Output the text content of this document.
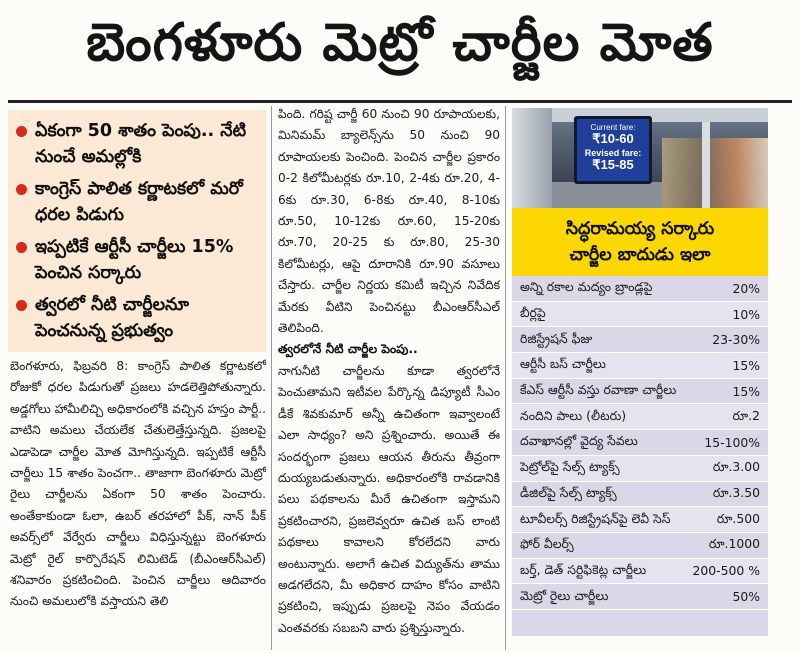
బెంగళూరు మెట్రో చార్జీల మోత
ఏకంగా 50 శాతం పెంపు.. నేటి నుంచే అమల్లోకి
కాంగ్రెస్ పాలిత కర్ణాటకలో మరో ధరల పిడుగు
ఇప్పటికే ఆర్టీసీ చార్జీలు 15% పెంచిన సర్కారు
త్వరలో నీటి చార్జీలనూ పెంచనున్న ప్రభుత్వం

బెంగళూరు, ఫిబ్రవరి 8: కాంగ్రెస్ పాలిత కర్ణాటకలో రోజుకో ధరల పిడుగుతో ప్రజలు హడలెత్తిపోతున్నారు. అడ్డగోలు హామీలిచ్చి అధికారంలోకి వచ్చిన హస్తం పార్టీ.. వాటిని అమలు చేయలేక చేతులెత్తేస్తున్నది. ప్రజలపై ఎడాపెడా చార్జీల మోత మోగిస్తున్నది. ఇప్పటికే ఆర్టీసీ చార్జీలు 15 శాతం పెంచగా.. తాజాగా బెంగళూరు మెట్రో రైలు చార్జీలను ఏకంగా 50 శాతం పెంచారు. అంతేకాకుండా ఓలా, ఉబర్ తరహాలో పీక్, నాన్ పీక్ అవర్స్‌లో వేర్వేరు చార్జీలు విధిస్తున్నట్టు బెంగళూరు మెట్రో రైల్ కార్పొరేషన్ లిమిటెడ్ (బీఎంఆర్‌సీఎల్) శనివారం ప్రకటించింది. పెంచిన చార్జీలు ఆదివారం నుంచి అమలులోకి వస్తాయని తెలి

పింది. గరిష్ట చార్జీ 60 నుంచి 90 రూపాయలకు, మినిమమ్ బ్యాలెన్స్‌ను 50 నుంచి 90 రూపాయలకు పెంచింది. పెంచిన చార్జీల ప్రకారం 0-2 కిలోమీటర్లకు రూ.10, 2-4కు రూ.20, 4-6కు రూ.30, 6-8కు రూ.40, 8-10కు రూ.50, 10-12కు రూ.60, 15-20కు రూ.70, 20-25 కు రూ.80, 25-30 కిలోమీటర్లు, ఆపై దూరానికి రూ.90 వసూలు చేస్తారు. చార్జీల నిర్ణయ కమిటీ ఇచ్చిన నివేదిక మేరకు వీటిని పెంచినట్టు బీఎంఆర్‌సీఎల్ తెలిపింది.

త్వరలోనే నీటి చార్జీల పెంపు..

నాగునీటి చార్జీలను కూడా త్వరలోనే పెంచుతామని ఇటీవల పేర్కొన్న డిప్యూటీ సీఎం డీకే శివకుమార్ అన్నీ ఉచితంగా ఇవ్వాలంటే ఎలా సాధ్యం? అని ప్రశ్నించారు. అయితే ఈ సందర్భంగా ప్రజలు ఆయన తీరును తీవ్రంగా దుయ్యబడుతున్నారు. అధికారంలోకి రావడానికి పలు పథకాలను మీరే ఉచితంగా ఇస్తామని ప్రకటించారని, ప్రజలెవ్వరూ ఉచిత బస్ లాంటి పథకాలు కావాలని కోరలేదని వారు అంటున్నారు. అలాగే ఉచిత విద్యుత్‌ను తాము అడగలేదని, మీ అధికార దాహం కోసం వాటిని ప్రకటించి, ఇప్పుడు ప్రజలపై నెపం వేయడం ఎంతవరకు సబబని వారు ప్రశ్నిస్తున్నారు.

Current fare:
₹10-60
Revised fare:
₹15-85
సిద్ధరామయ్య సర్కారు
చార్జీల బాదుడు ఇలా
అన్ని రకాల మద్యం బ్రాండ్లపై	20%
బీర్లపై	10%
రిజిస్ట్రేషన్ ఫీజు	23-30%
ఆర్టీసీ బస్ చార్జీలు	15%
కేఎస్ ఆర్టీసీ వస్తు రవాణా చార్జీలు	15%
నందిని పాలు (లీటరు)	రూ.2
దవాఖానల్లో వైద్య సేవలు	15-100%
పెట్రోల్‌పై సేల్స్ ట్యాక్స్	రూ.3.00
డీజిల్‌పై సేల్స్ ట్యాక్స్	రూ.3.50
టూవీలర్స్ రిజిస్ట్రేషన్‌పై లెవీ సెస్	రూ.500
ఫోర్ వీలర్స్	రూ.1000
బర్త్, డెత్ సర్టిఫికెట్ల చార్జీలు	200-500 %
మెట్రో రైలు చార్జీలు	50%
